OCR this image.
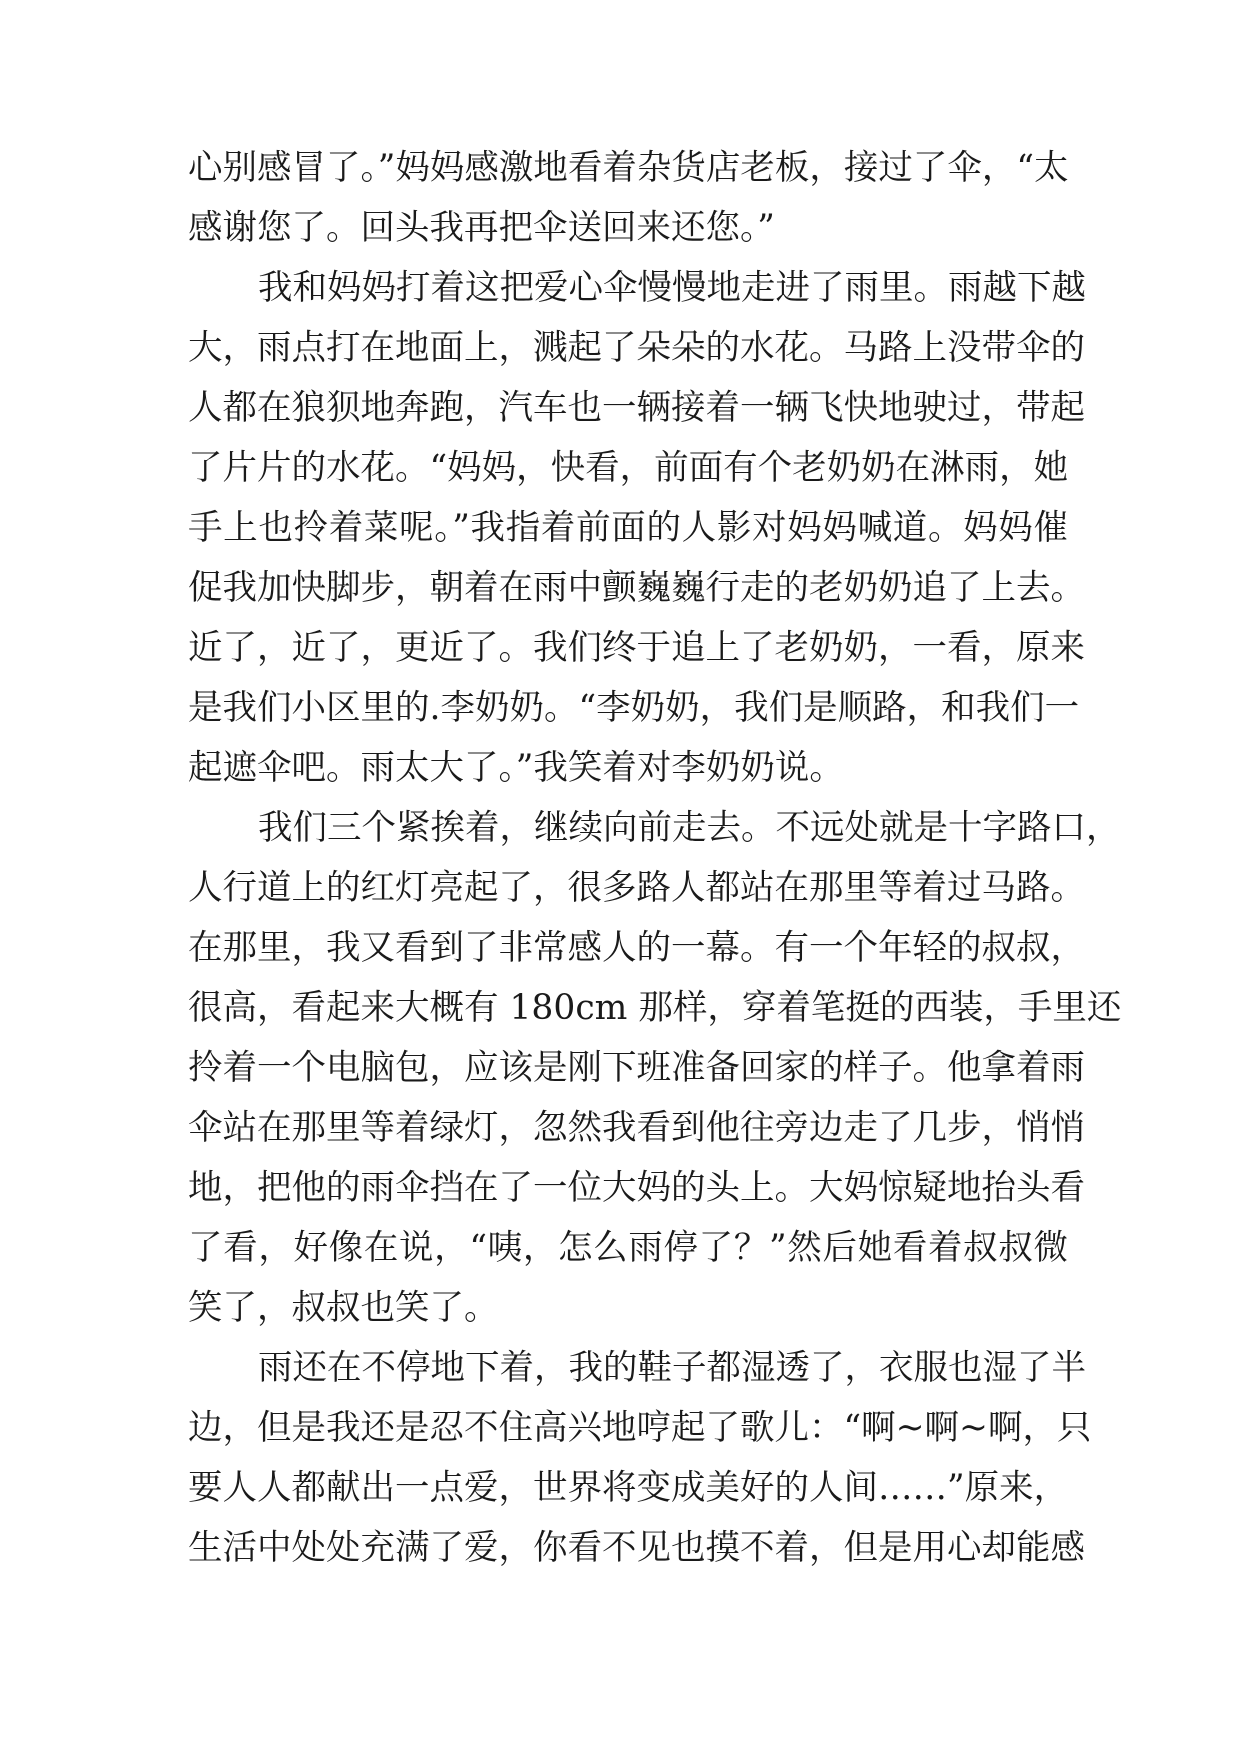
心别感冒了。”妈妈感激地看着杂货店老板，接过了伞，“太
感谢您了。回头我再把伞送回来还您。”
我和妈妈打着这把爱心伞慢慢地走进了雨里。雨越下越
大，雨点打在地面上，溅起了朵朵的水花。马路上没带伞的
人都在狼狈地奔跑，汽车也一辆接着一辆飞快地驶过，带起
了片片的水花。“妈妈，快看，前面有个老奶奶在淋雨，她
手上也拎着菜呢。”我指着前面的人影对妈妈喊道。妈妈催
促我加快脚步，朝着在雨中颤巍巍行走的老奶奶追了上去。
近了，近了，更近了。我们终于追上了老奶奶，一看，原来
是我们小区里的.李奶奶。“李奶奶，我们是顺路，和我们一
起遮伞吧。雨太大了。”我笑着对李奶奶说。
我们三个紧挨着，继续向前走去。不远处就是十字路口，
人行道上的红灯亮起了，很多路人都站在那里等着过马路。
在那里，我又看到了非常感人的一幕。有一个年轻的叔叔，
很高，看起来大概有 180cm 那样，穿着笔挺的西装，手里还
拎着一个电脑包，应该是刚下班准备回家的样子。他拿着雨
伞站在那里等着绿灯，忽然我看到他往旁边走了几步，悄悄
地，把他的雨伞挡在了一位大妈的头上。大妈惊疑地抬头看
了看，好像在说，“咦，怎么雨停了？”然后她看着叔叔微
笑了，叔叔也笑了。
雨还在不停地下着，我的鞋子都湿透了，衣服也湿了半
边，但是我还是忍不住高兴地哼起了歌儿：“啊~啊~啊，只
要人人都献出一点爱，世界将变成美好的人间……”原来，
生活中处处充满了爱，你看不见也摸不着，但是用心却能感
